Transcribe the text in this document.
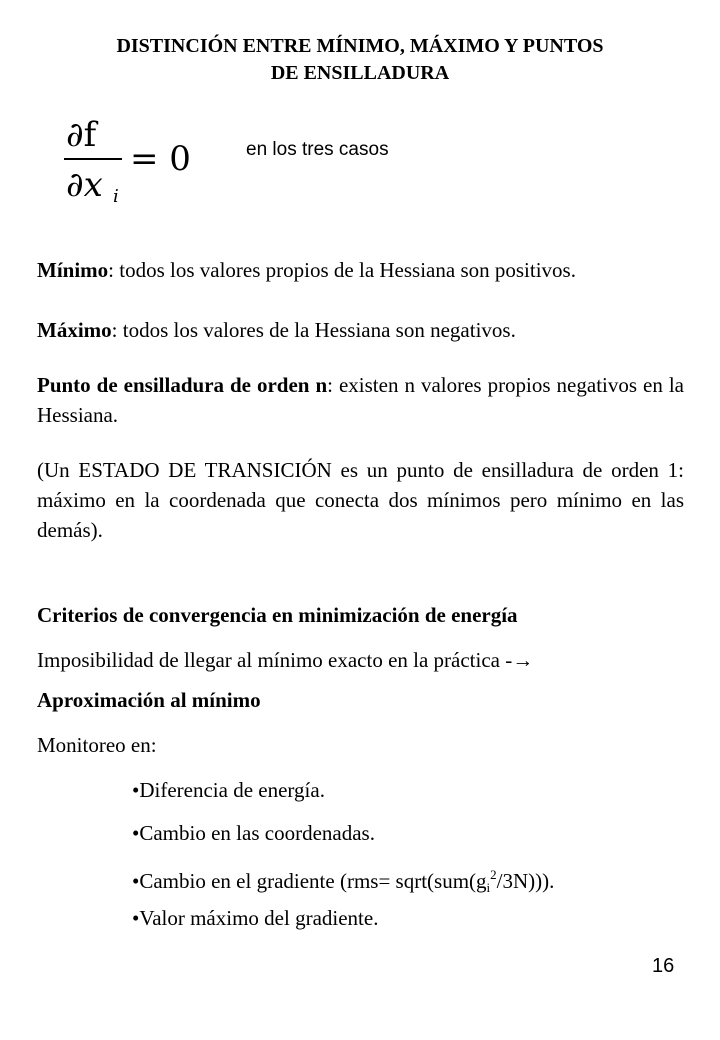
DISTINCIÓN ENTRE MÍNIMO, MÁXIMO Y PUNTOS
DE ENSILLADURA
∂f
∂x i
= 0	en los tres casos
Mínimo: todos los valores propios de la Hessiana son positivos.
Máximo: todos los valores de la Hessiana son negativos.
Punto de ensilladura de orden n: existen n valores propios negativos en la Hessiana.
(Un ESTADO DE TRANSICIÓN es un punto de ensilladura de orden 1: máximo en la coordenada que conecta dos mínimos pero mínimo en las demás).
Criterios de convergencia en minimización de energía
Imposibilidad de llegar al mínimo exacto en la práctica -→
Aproximación al mínimo
Monitoreo en:
•Diferencia de energía.
•Cambio en las coordenadas.
•Cambio en el gradiente $(rms= sqrt(sum(g_i^2/3N)))$.
•Valor máximo del gradiente.
16
